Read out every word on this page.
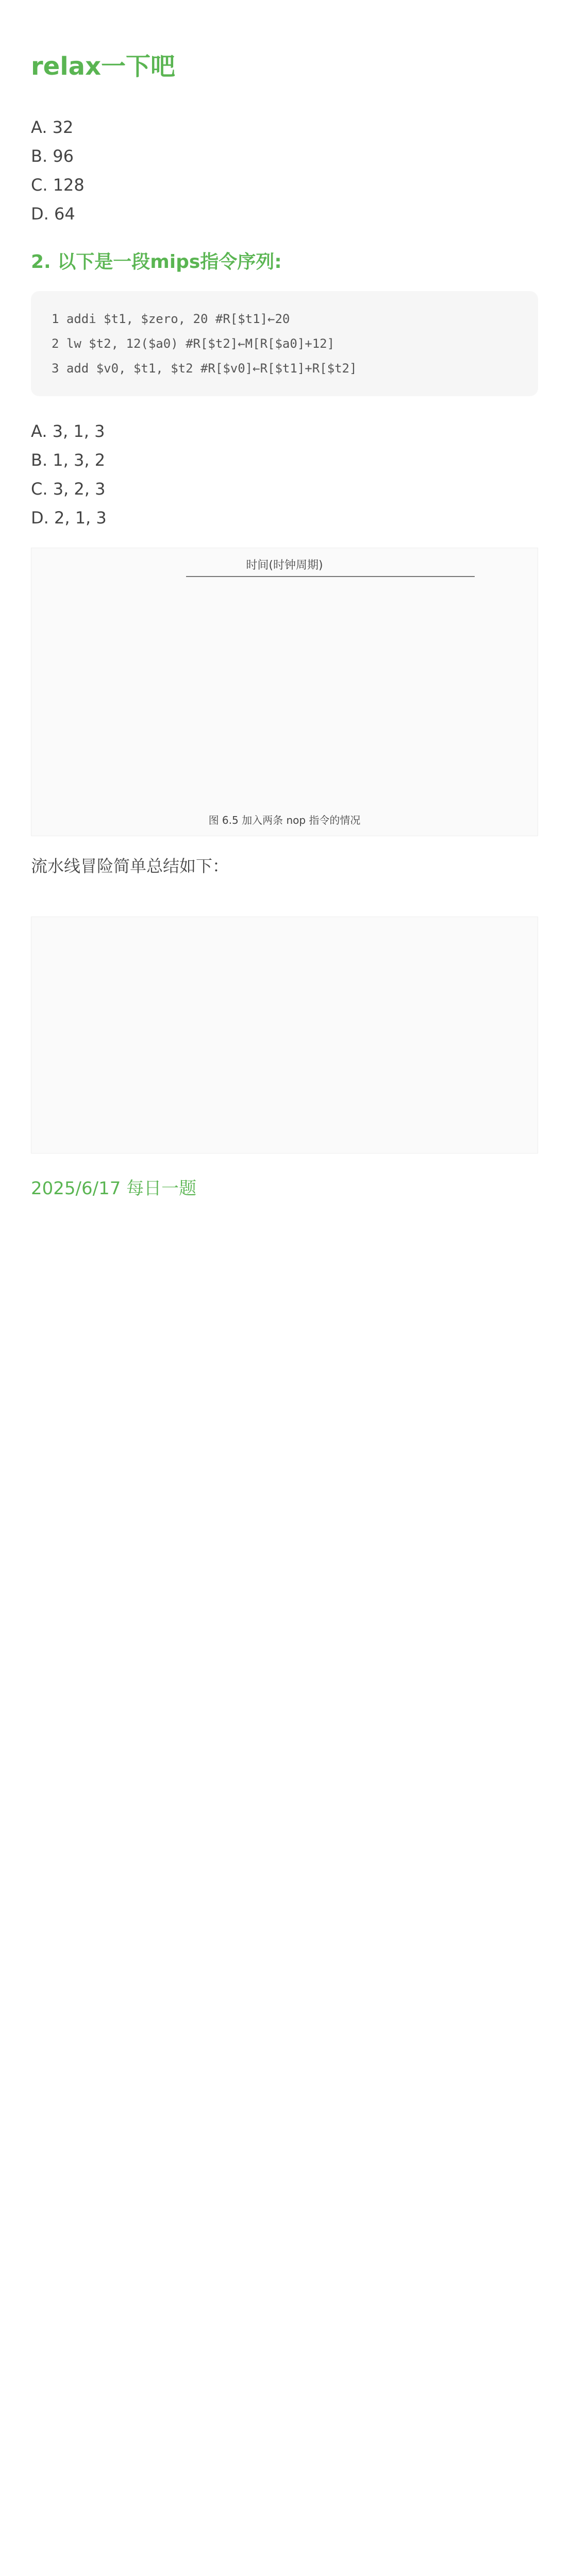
relax一下吧
A. 32
B. 96
C. 128
D. 64
2. 以下是一段mips指令序列:
1 addi $t1, $zero, 20 #R[$t1]←20
2 lw $t2, 12($a0) #R[$t2]←M[R[$a0]+12]
3 add $v0, $t1, $t2 #R[$v0]←R[$t1]+R[$t2]
A. 3, 1, 3
B. 1, 3, 2
C. 3, 2, 3
D. 2, 1, 3
时间(时钟周期)
图 6.5 加入两条 nop 指令的情况
流水线冒险简单总结如下：
2025/6/17 每日一题
